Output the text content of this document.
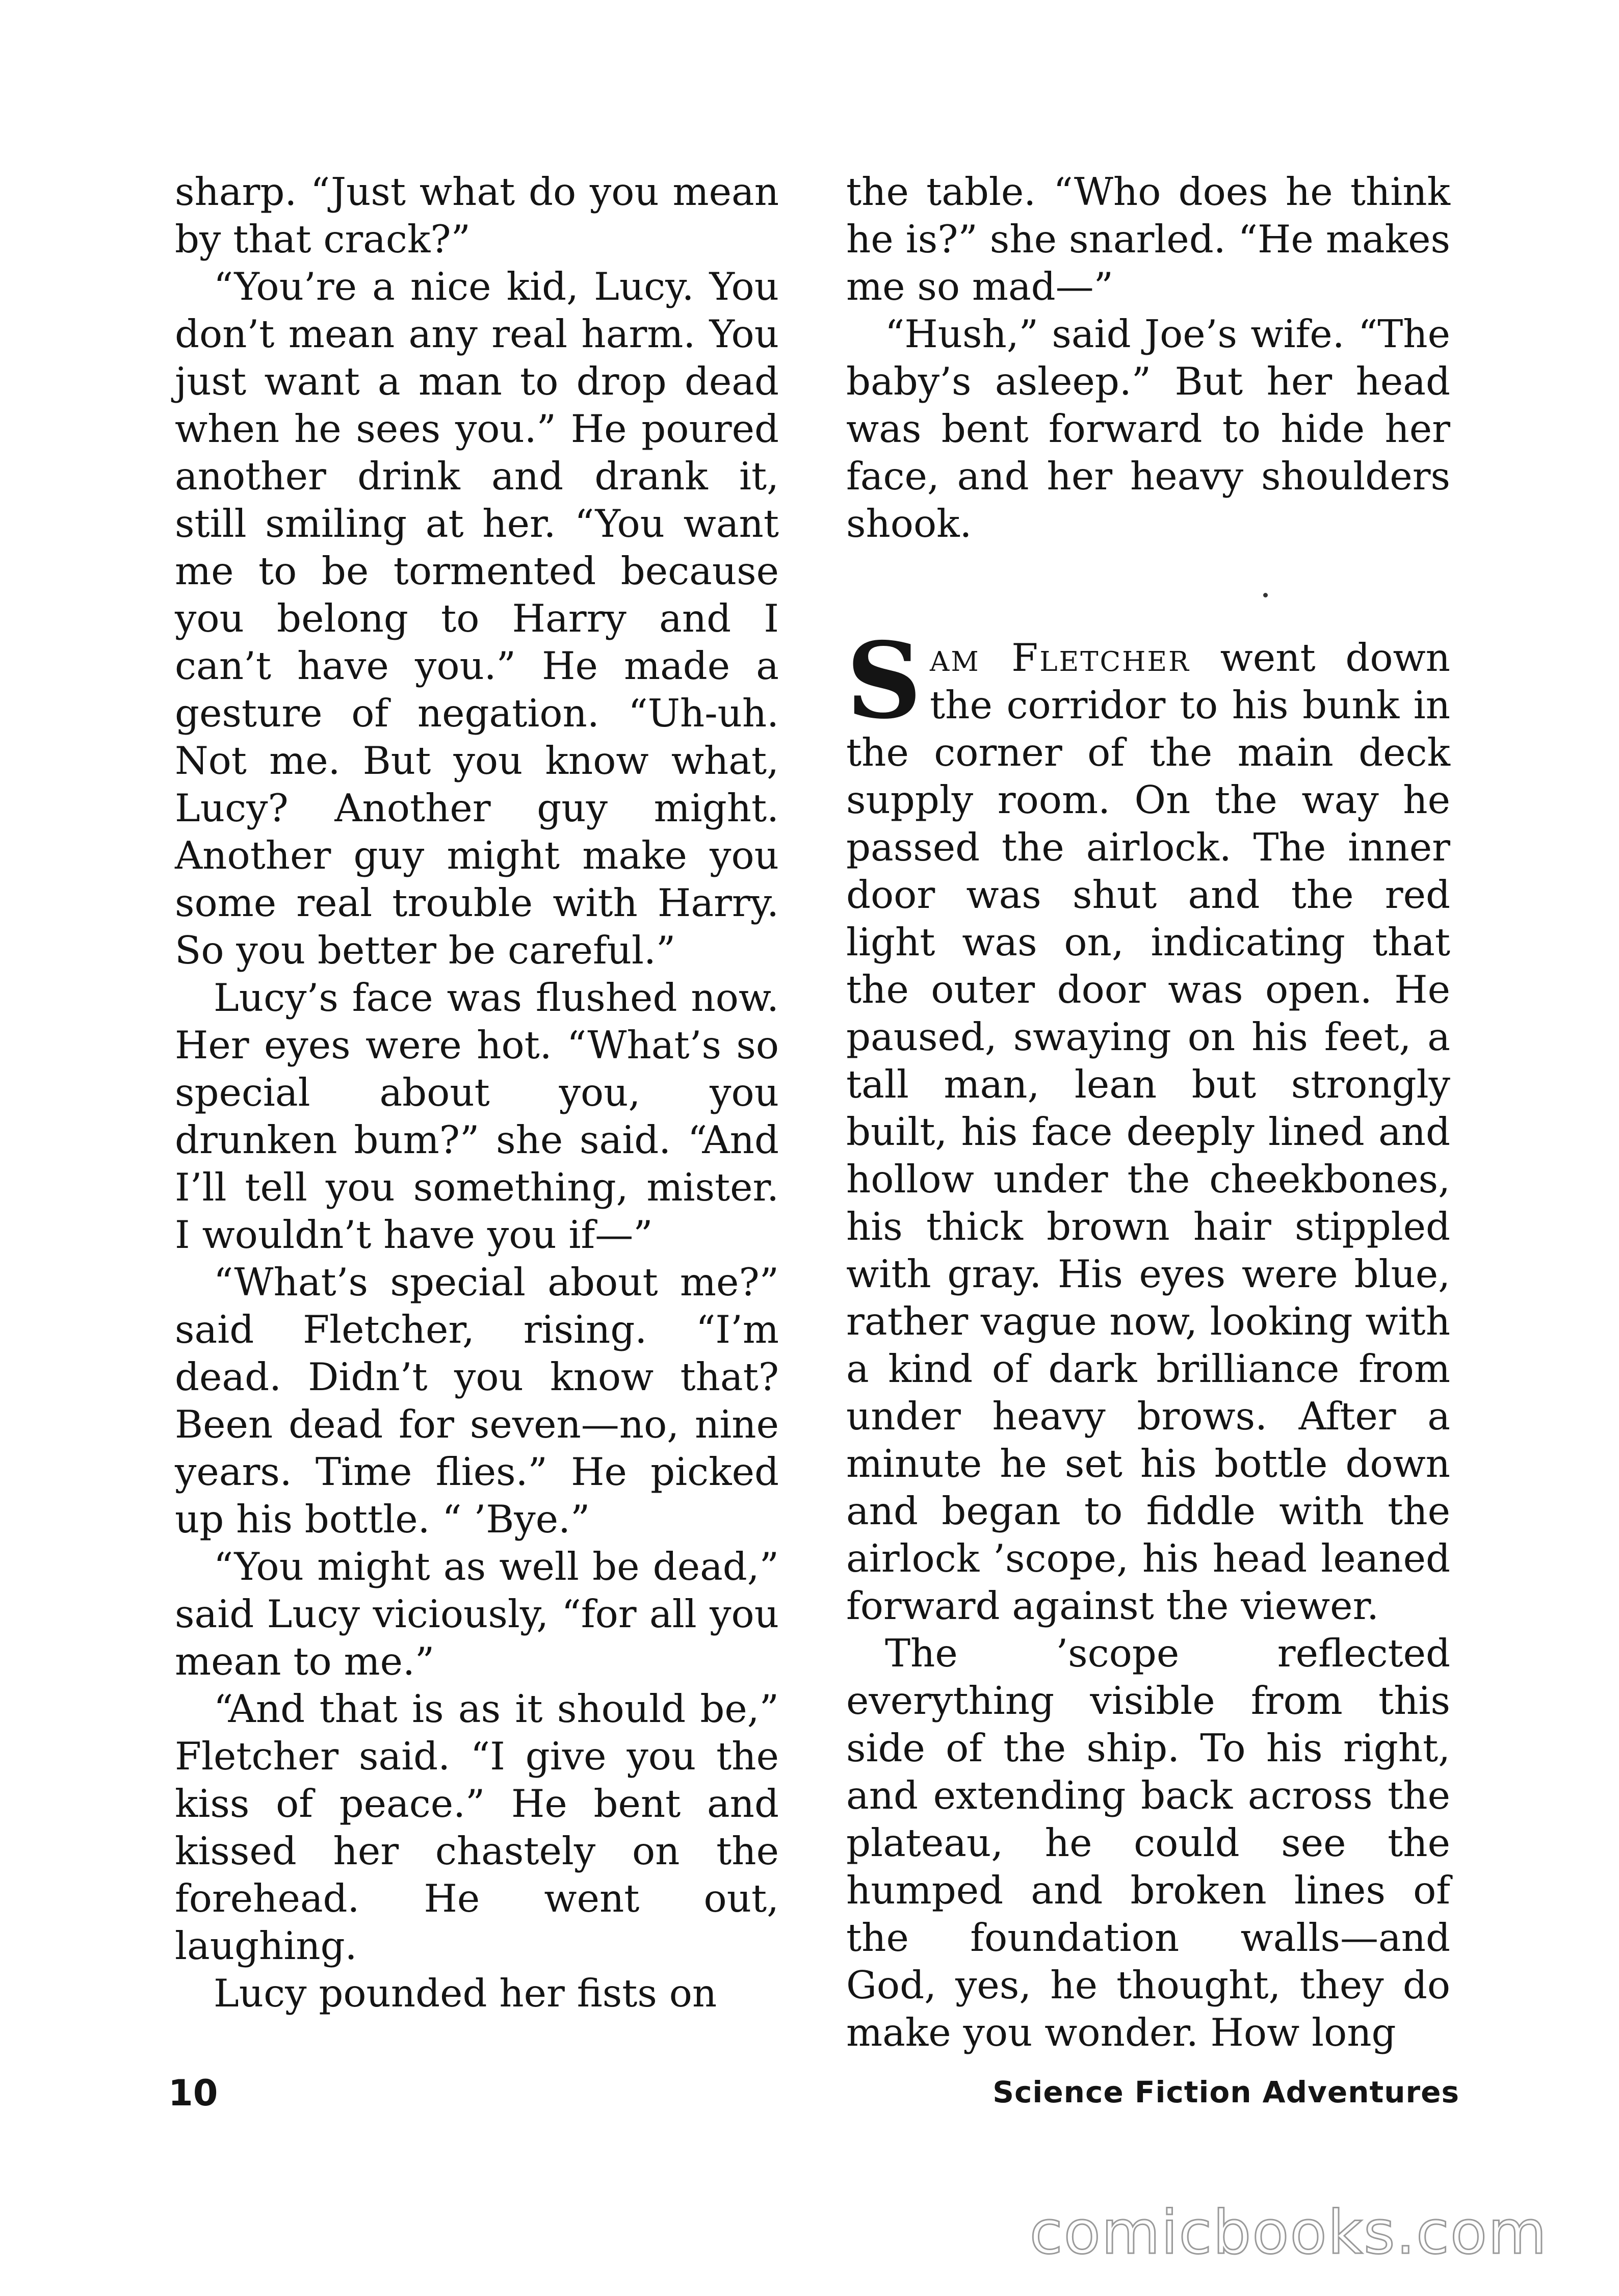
sharp. “Just what do you mean by that crack?”

“You’re a nice kid, Lucy. You don’t mean any real harm. You just want a man to drop dead when he sees you.” He poured another drink and drank it, still smiling at her. “You want me to be tormented because you belong to Harry and I can’t have you.” He made a gesture of negation. “Uh-uh. Not me. But you know what, Lucy? Another guy might. Another guy might make you some real trouble with Harry. So you better be careful.”

Lucy’s face was flushed now. Her eyes were hot. “What’s so special about you, you drunken bum?” she said. “And I’ll tell you something, mister. I wouldn’t have you if—”

“What’s special about me?” said Fletcher, rising. “I’m dead. Didn’t you know that? Been dead for seven—no, nine years. Time flies.” He picked up his bottle. “ ’Bye.”

“You might as well be dead,” said Lucy viciously, “for all you mean to me.”

“And that is as it should be,” Fletcher said. “I give you the kiss of peace.” He bent and kissed her chastely on the forehead. He went out, laughing.

Lucy pounded her fists on

the table. “Who does he think he is?” she snarled. “He makes me so mad—”

“Hush,” said Joe’s wife. “The baby’s asleep.” But her head was bent forward to hide her face, and her heavy shoulders shook.

Sam Fletcher went down the corridor to his bunk in the corner of the main deck supply room. On the way he passed the airlock. The inner door was shut and the red light was on, indicating that the outer door was open. He paused, swaying on his feet, a tall man, lean but strongly built, his face deeply lined and hollow under the cheekbones, his thick brown hair stippled with gray. His eyes were blue, rather vague now, looking with a kind of dark brilliance from under heavy brows. After a minute he set his bottle down and began to fiddle with the airlock ’scope, his head leaned forward against the viewer.

The ’scope reflected everything visible from this side of the ship. To his right, and extending back across the plateau, he could see the humped and broken lines of the foundation walls—and God, yes, he thought, they do make you wonder. How long

10	Science Fiction Adventures
comicbooks.com
